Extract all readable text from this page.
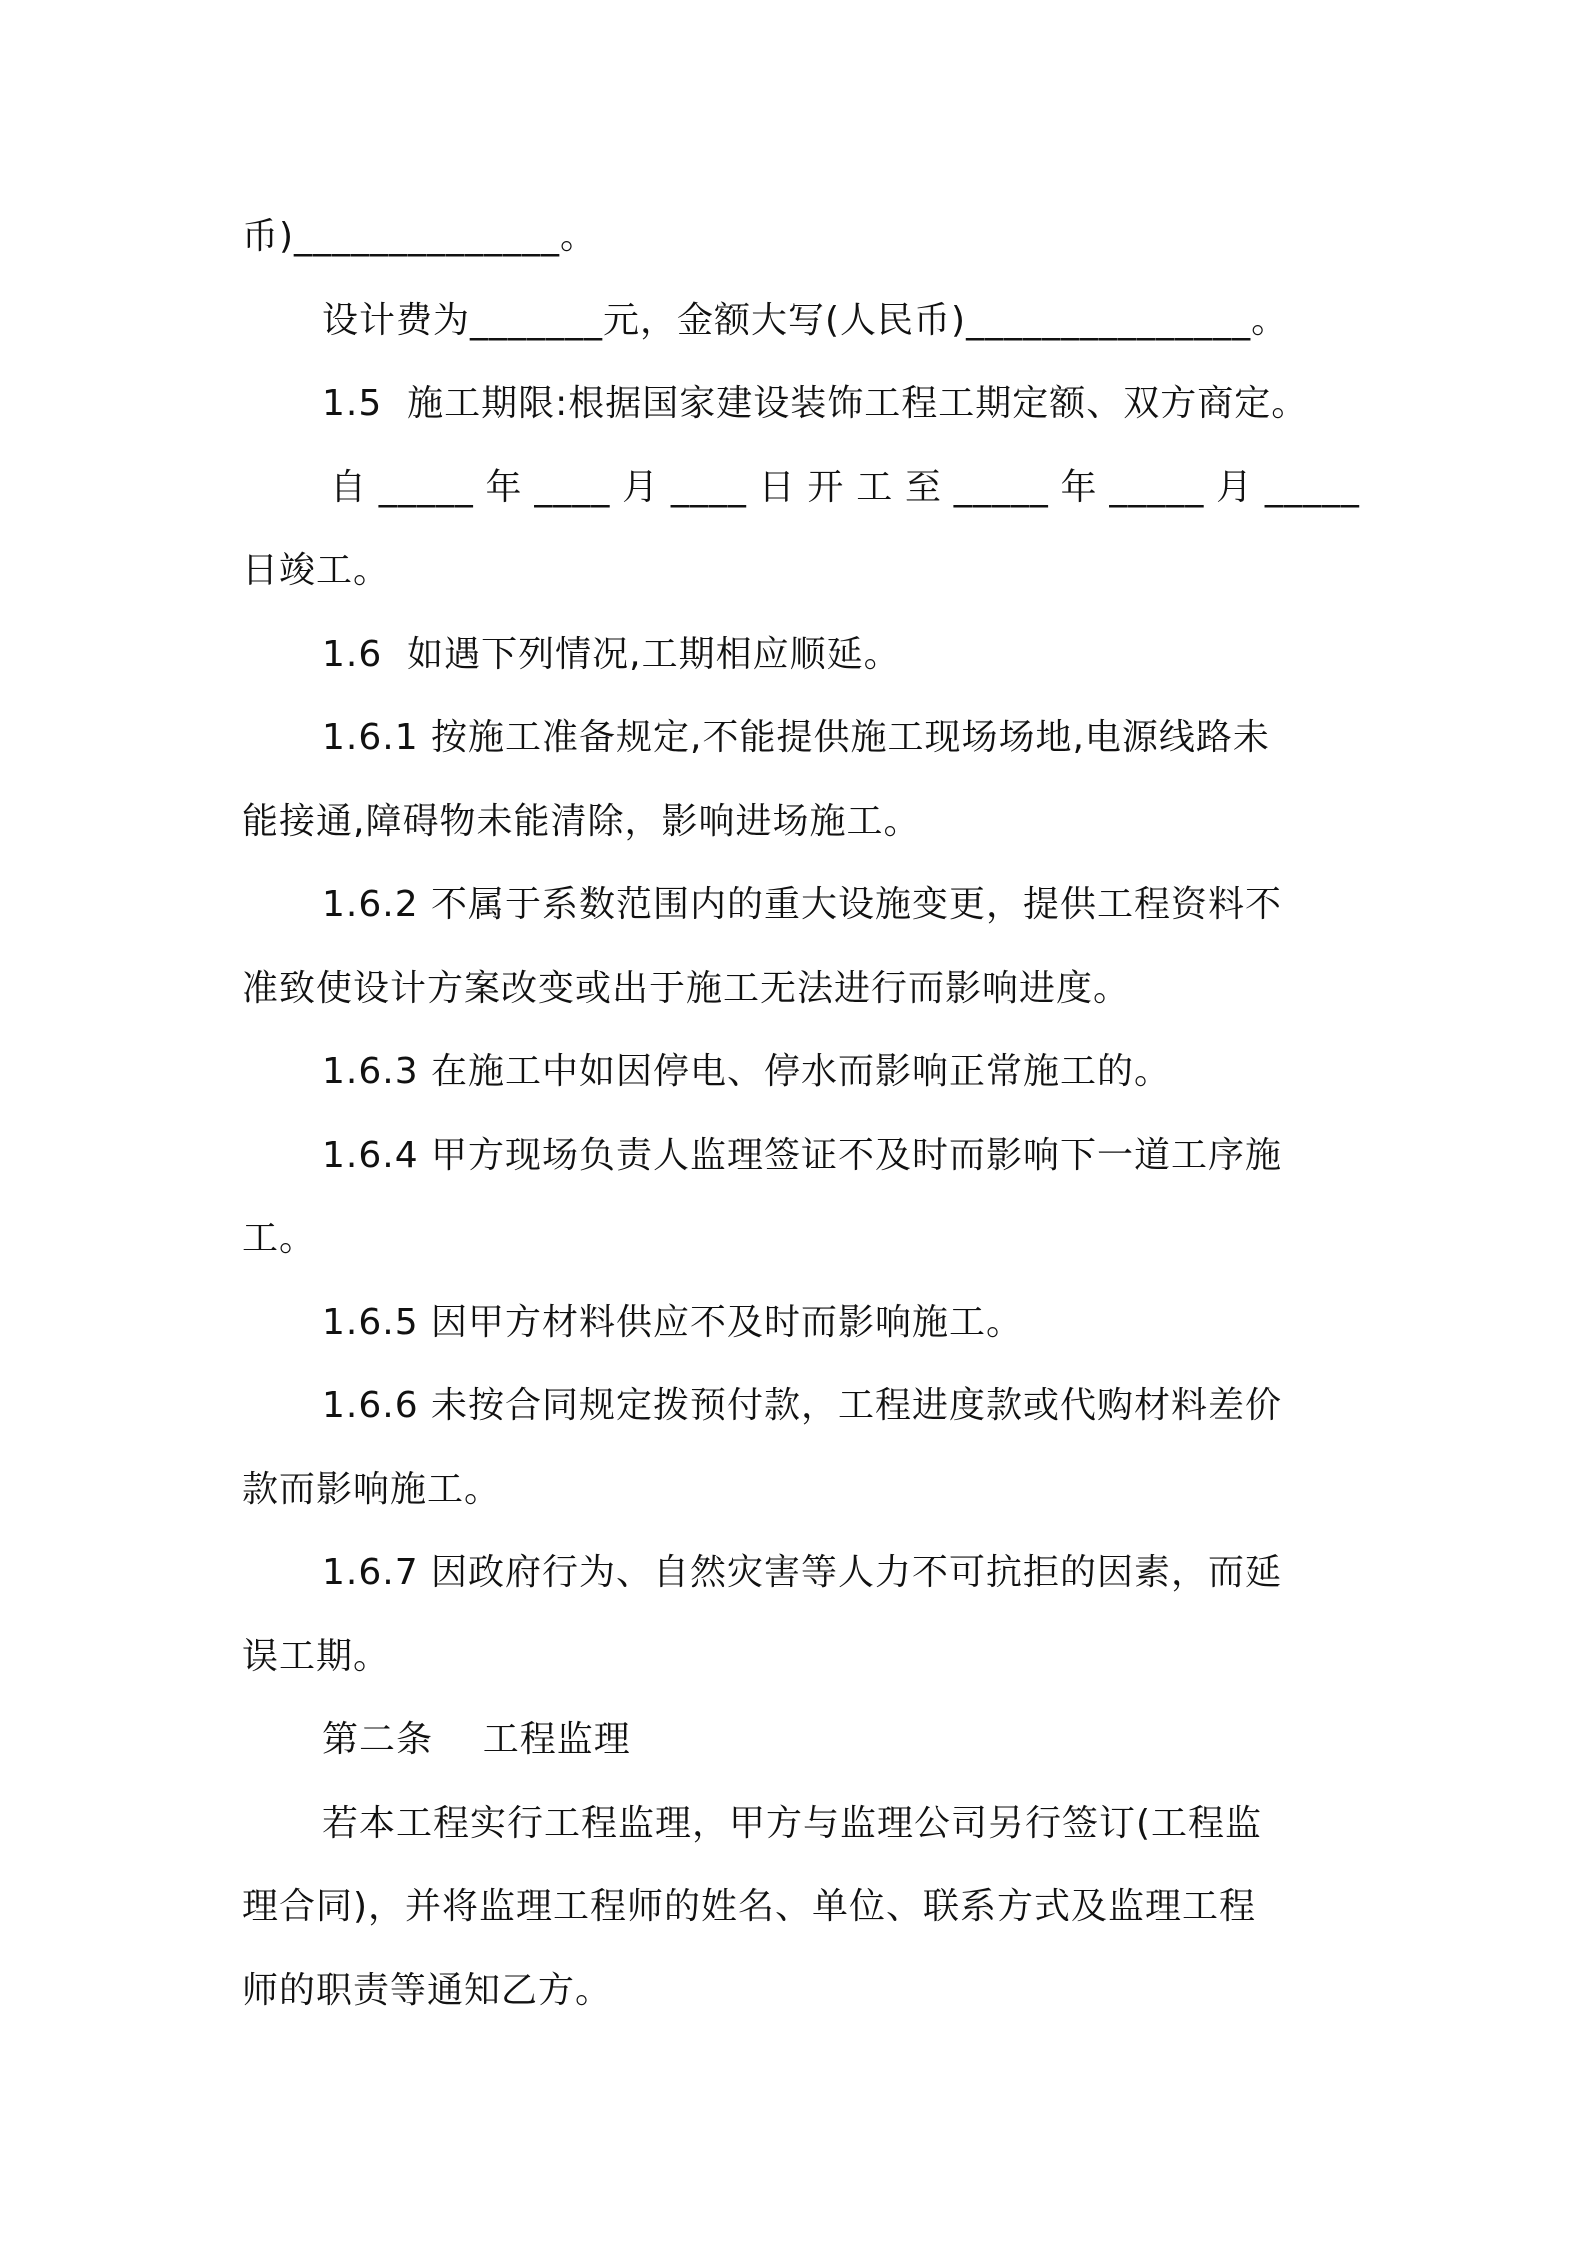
币)______________。
设计费为_______元，金额大写(人民币)_______________。
1.5  施工期限:根据国家建设装饰工程工期定额、双方商定。
自 _____ 年 ____ 月 ____ 日 开 工 至 _____ 年 _____ 月 _____
日竣工。
1.6  如遇下列情况,工期相应顺延。
1.6.1 按施工准备规定,不能提供施工现场场地,电源线路未
能接通,障碍物未能清除，影响进场施工。
1.6.2 不属于系数范围内的重大设施变更，提供工程资料不
准致使设计方案改变或出于施工无法进行而影响进度。
1.6.3 在施工中如因停电、停水而影响正常施工的。
1.6.4 甲方现场负责人监理签证不及时而影响下一道工序施
工。
1.6.5 因甲方材料供应不及时而影响施工。
1.6.6 未按合同规定拨预付款，工程进度款或代购材料差价
款而影响施工。
1.6.7 因政府行为、自然灾害等人力不可抗拒的因素，而延
误工期。
第二条    工程监理
若本工程实行工程监理，甲方与监理公司另行签订(工程监
理合同)，并将监理工程师的姓名、单位、联系方式及监理工程
师的职责等通知乙方。
